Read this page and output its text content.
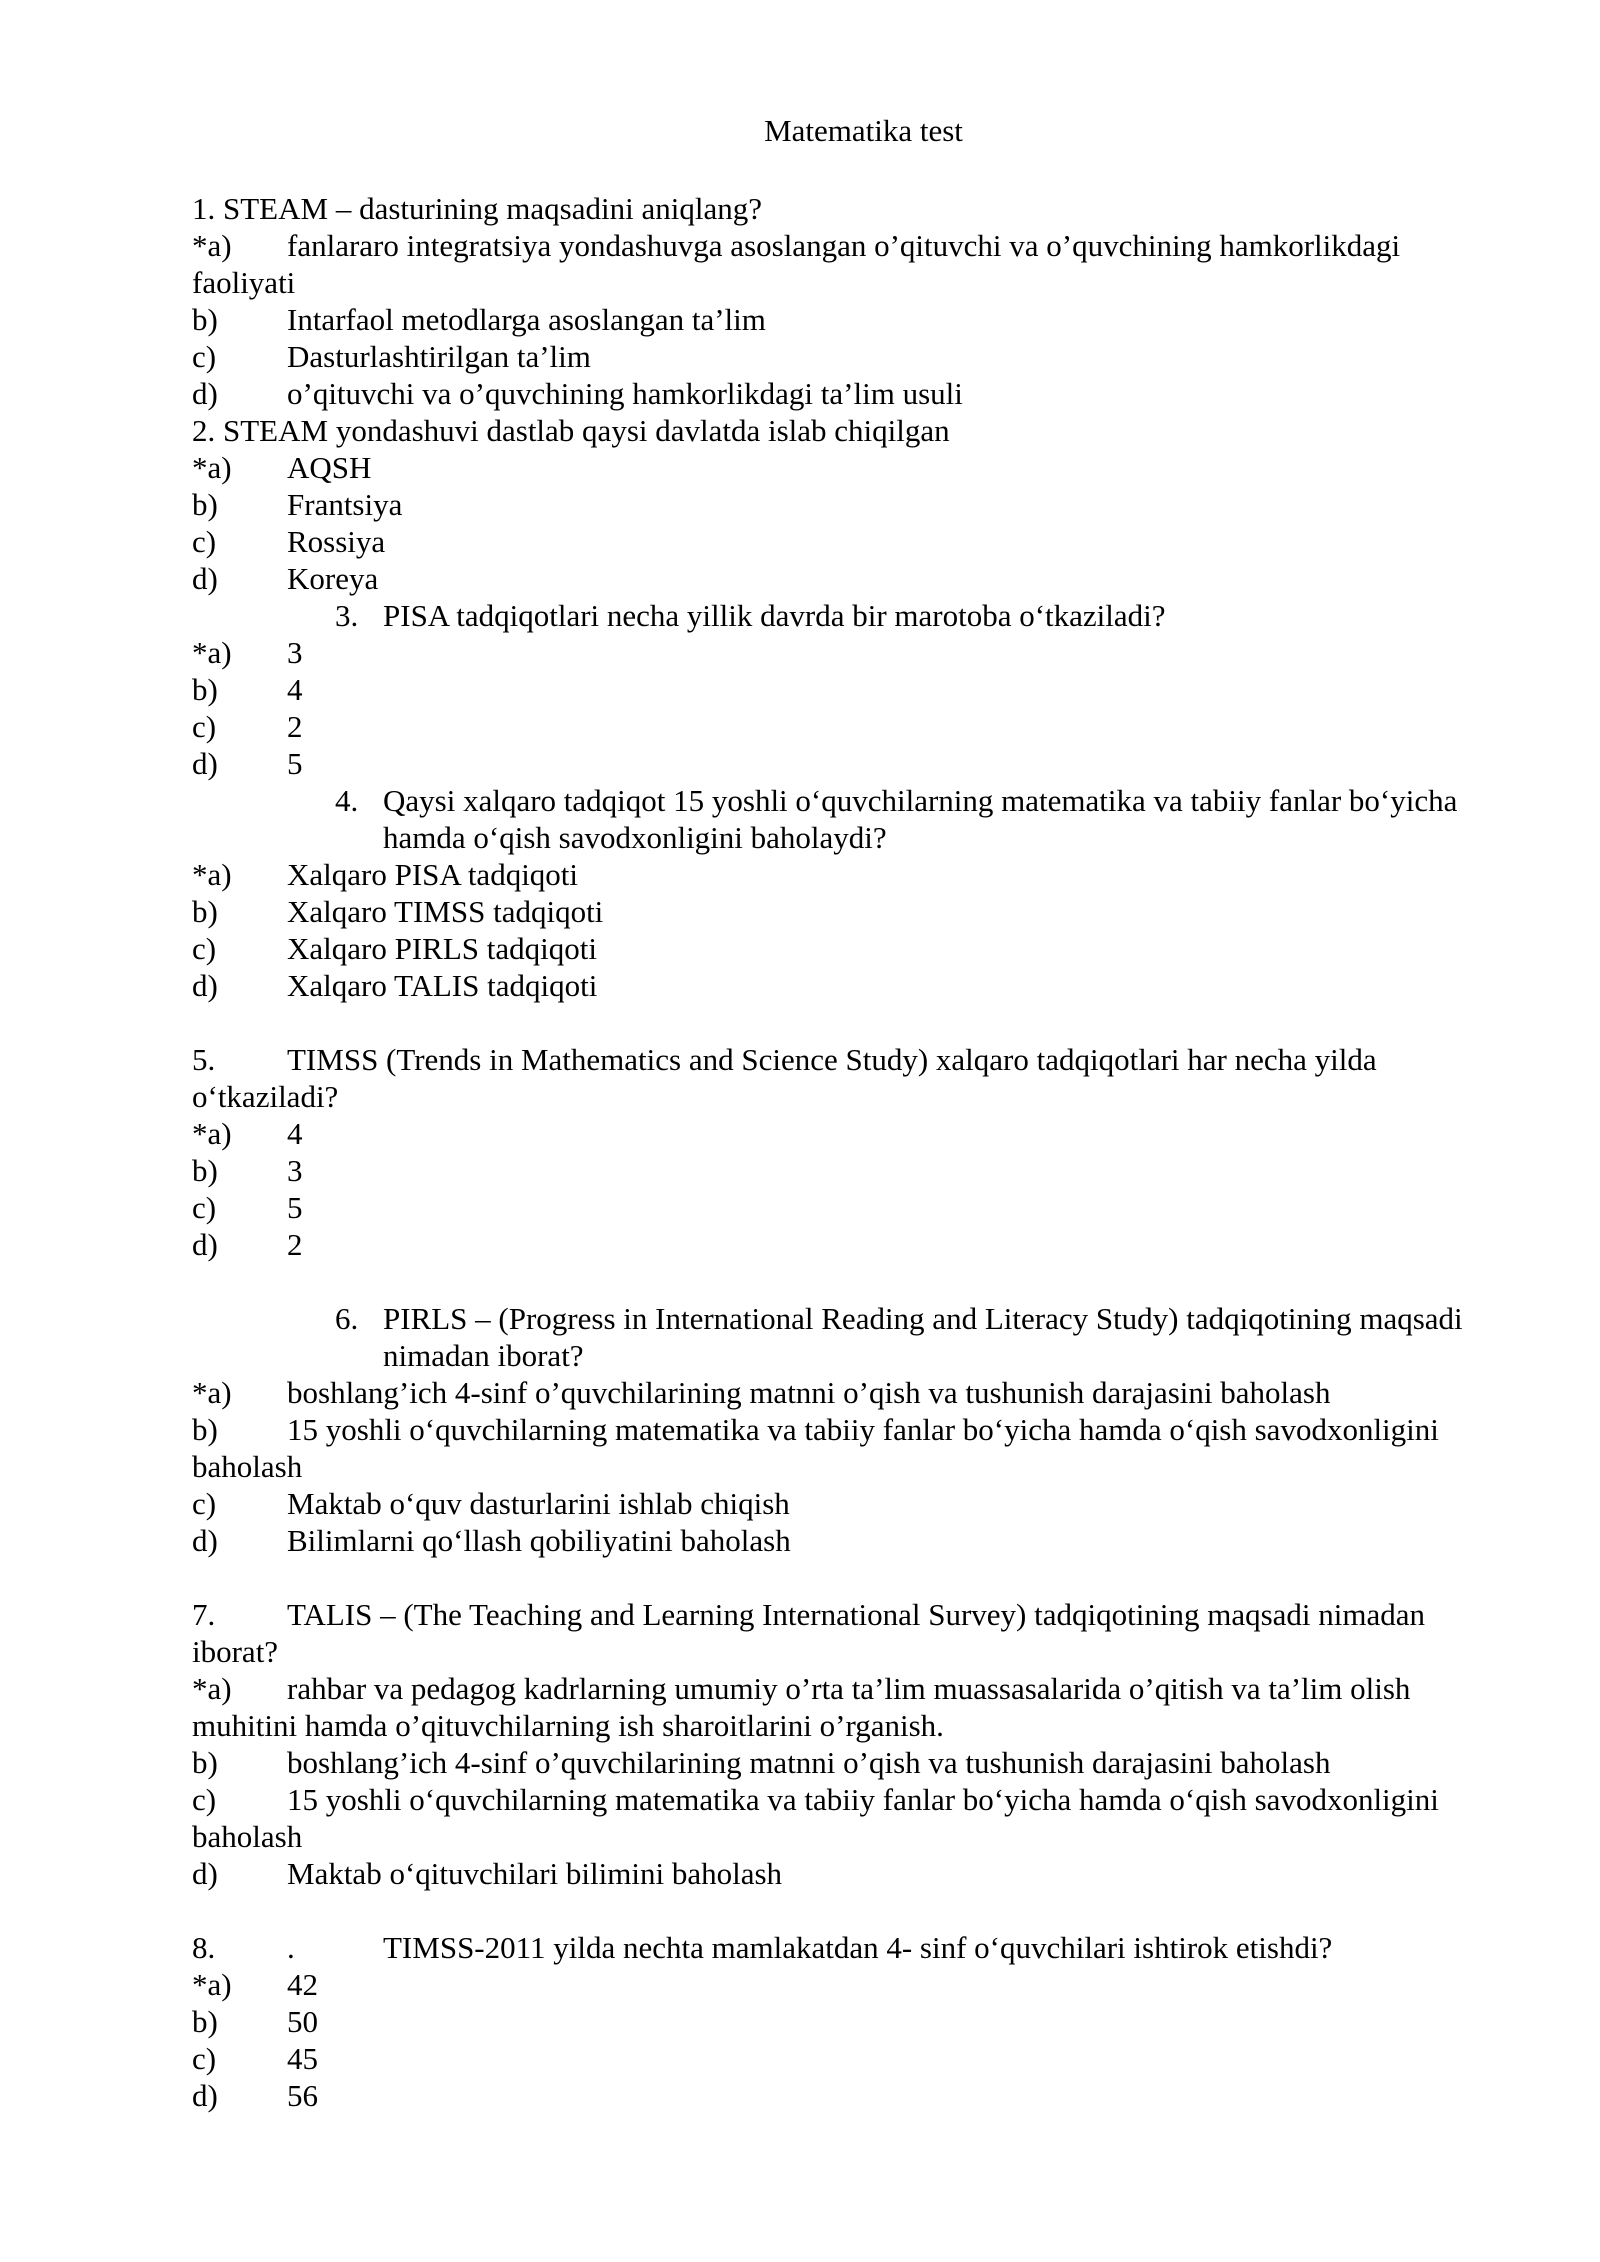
Matematika test
1. STEAM – dasturining maqsadini aniqlang?
*a) fanlararo integratsiya yondashuvga asoslangan o’qituvchi va o’quvchining hamkorlikdagi
faoliyati
b) Intarfaol metodlarga asoslangan ta’lim
c) Dasturlashtirilgan ta’lim
d) o’qituvchi va o’quvchining hamkorlikdagi ta’lim usuli
2. STEAM yondashuvi dastlab qaysi davlatda islab chiqilgan
*a) AQSH
b) Frantsiya
c) Rossiya
d) Koreya
3. PISA tadqiqotlari necha yillik davrda bir marotoba o‘tkaziladi?
*a) 3
b) 4
c) 2
d) 5
4. Qaysi xalqaro tadqiqot 15 yoshli o‘quvchilarning matematika va tabiiy fanlar bo‘yicha
hamda o‘qish savodxonligini baholaydi?
*a) Xalqaro PISA tadqiqoti
b) Xalqaro TIMSS tadqiqoti
c) Xalqaro PIRLS tadqiqoti
d) Xalqaro TALIS tadqiqoti
5. TIMSS (Trends in Mathematics and Science Study) xalqaro tadqiqotlari har necha yilda
o‘tkaziladi?
*a) 4
b) 3
c) 5
d) 2
6. PIRLS – (Progress in International Reading and Literacy Study) tadqiqotining maqsadi
nimadan iborat?
*a) boshlang’ich 4-sinf o’quvchilarining matnni o’qish va tushunish darajasini baholash
b) 15 yoshli o‘quvchilarning matematika va tabiiy fanlar bo‘yicha hamda o‘qish savodxonligini
baholash
c) Maktab o‘quv dasturlarini ishlab chiqish
d) Bilimlarni qo‘llash qobiliyatini baholash
7. TALIS – (The Teaching and Learning International Survey) tadqiqotining maqsadi nimadan
iborat?
*a) rahbar va pedagog kadrlarning umumiy o’rta ta’lim muassasalarida o’qitish va ta’lim olish
muhitini hamda o’qituvchilarning ish sharoitlarini o’rganish.
b) boshlang’ich 4-sinf o’quvchilarining matnni o’qish va tushunish darajasini baholash
c) 15 yoshli o‘quvchilarning matematika va tabiiy fanlar bo‘yicha hamda o‘qish savodxonligini
baholash
d) Maktab o‘qituvchilari bilimini baholash
8. .	TIMSS-2011 yilda nechta mamlakatdan 4- sinf o‘quvchilari ishtirok etishdi?
*a) 42
b) 50
c) 45
d) 56
